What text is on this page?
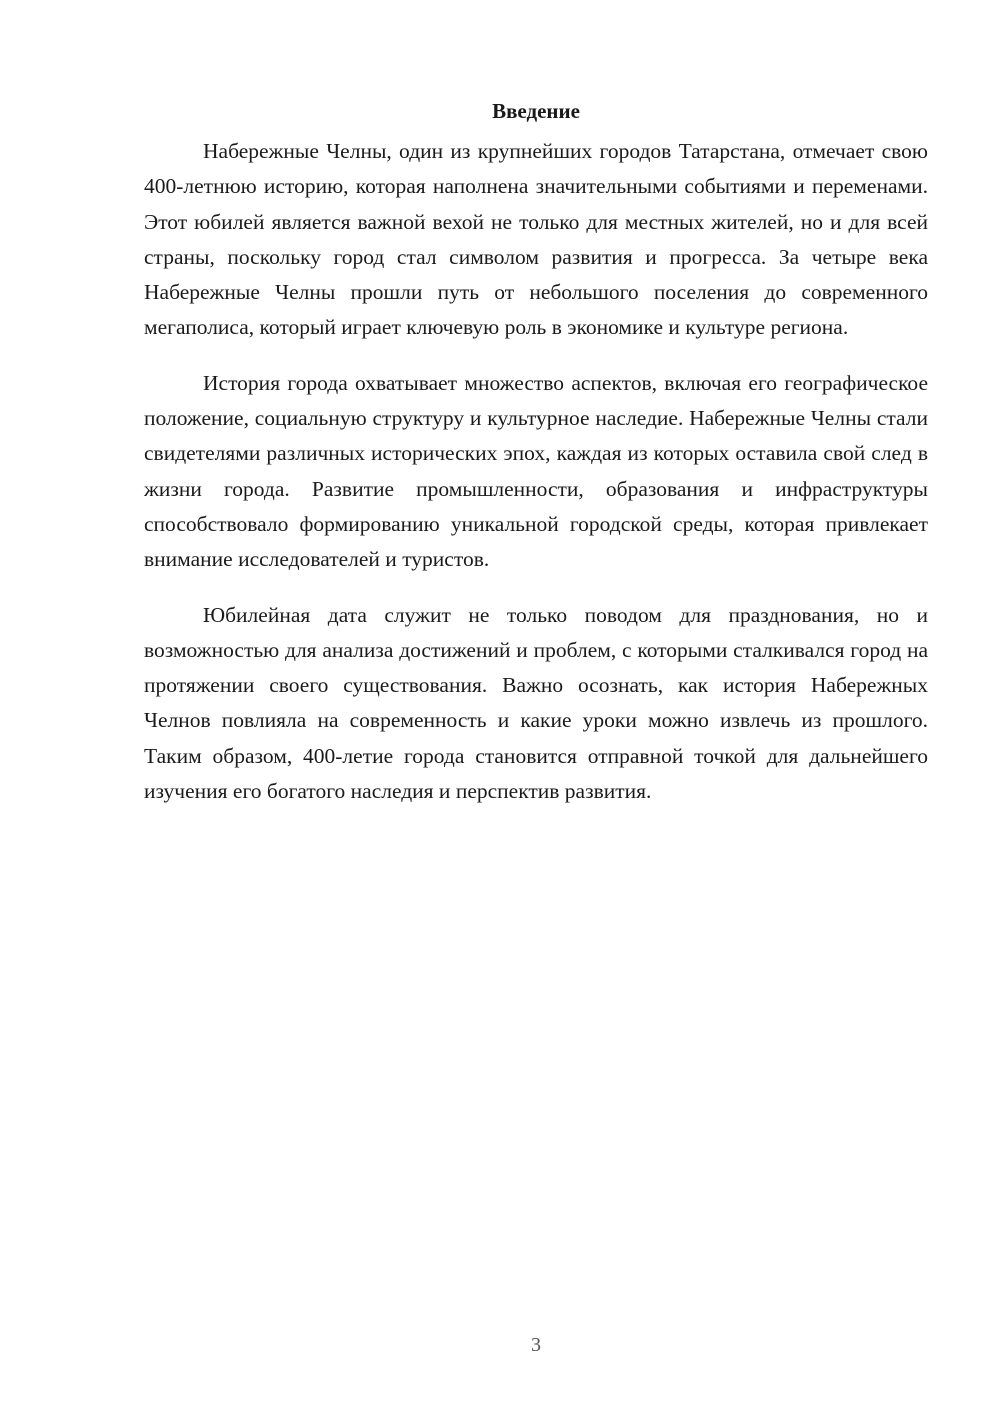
Введение

Набережные Челны, один из крупнейших городов Татарстана, отмечает свою 400-летнюю историю, которая наполнена значительными событиями и переменами. Этот юбилей является важной вехой не только для местных жителей, но и для всей страны, поскольку город стал символом развития и прогресса. За четыре века Набережные Челны прошли путь от небольшого поселения до современного мегаполиса, который играет ключевую роль в экономике и культуре региона.

История города охватывает множество аспектов, включая его географическое положение, социальную структуру и культурное наследие. Набережные Челны стали свидетелями различных исторических эпох, каждая из которых оставила свой след в жизни города. Развитие промышленности, образования и инфраструктуры способствовало формированию уникальной городской среды, которая привлекает внимание исследователей и туристов.

Юбилейная дата служит не только поводом для празднования, но и возможностью для анализа достижений и проблем, с которыми сталкивался город на протяжении своего существования. Важно осознать, как история Набережных Челнов повлияла на современность и какие уроки можно извлечь из прошлого. Таким образом, 400-летие города становится отправной точкой для дальнейшего изучения его богатого наследия и перспектив развития.

3
